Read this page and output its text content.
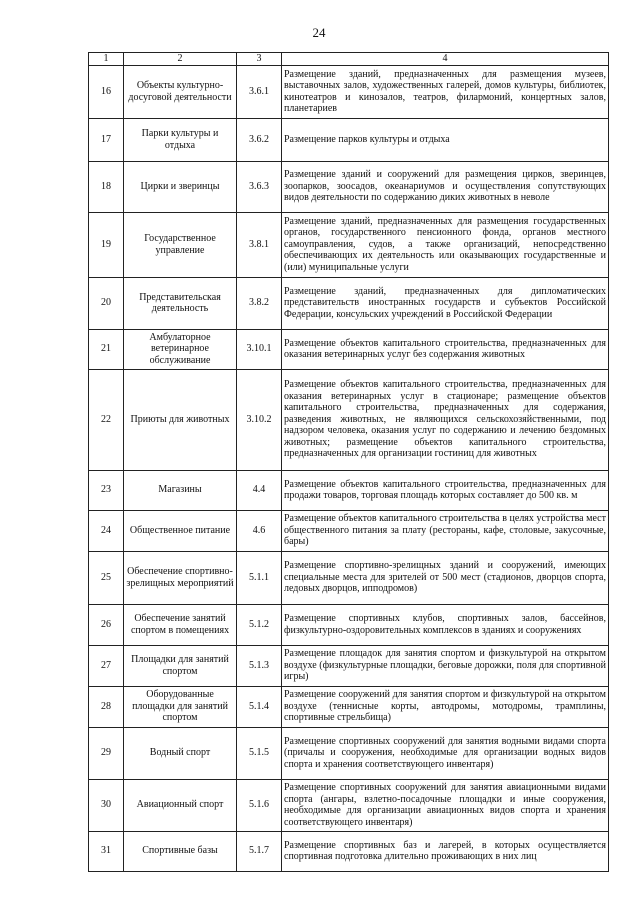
24
1	2	3	4
16	Объекты культурно-досуговой деятельности	3.6.1	Размещение зданий, предназначенных для размещения музеев, выставочных залов, художественных галерей, домов культуры, библиотек, кинотеатров и кинозалов, театров, филармоний, концертных залов, планетариев
17	Парки культуры и отдыха	3.6.2	Размещение парков культуры и отдыха
18	Цирки и зверинцы	3.6.3	Размещение зданий и сооружений для размещения цирков, зверинцев, зоопарков, зоосадов, океанариумов и осуществления сопутствующих видов деятельности по содержанию диких животных в неволе
19	Государственное управление	3.8.1	Размещение зданий, предназначенных для размещения государственных органов, государственного пенсионного фонда, органов местного самоуправления, судов, а также организаций, непосредственно обеспечивающих их деятельность или оказывающих государственные и (или) муниципальные услуги
20	Представительская деятельность	3.8.2	Размещение зданий, предназначенных для дипломатических представительств иностранных государств и субъектов Российской Федерации, консульских учреждений в Российской Федерации
21	Амбулаторное ветеринарное обслуживание	3.10.1	Размещение объектов капитального строительства, предназначенных для оказания ветеринарных услуг без содержания животных
22	Приюты для животных	3.10.2	Размещение объектов капитального строительства, предназначенных для оказания ветеринарных услуг в стационаре; размещение объектов капитального строительства, предназначенных для содержания, разведения животных, не являющихся сельскохозяйственными, под надзором человека, оказания услуг по содержанию и лечению бездомных животных; размещение объектов капитального строительства, предназначенных для организации гостиниц для животных
23	Магазины	4.4	Размещение объектов капитального строительства, предназначенных для продажи товаров, торговая площадь которых составляет до 500 кв. м
24	Общественное питание	4.6	Размещение объектов капитального строительства в целях устройства мест общественного питания за плату (рестораны, кафе, столовые, закусочные, бары)
25	Обеспечение спортивно-зрелищных мероприятий	5.1.1	Размещение спортивно-зрелищных зданий и сооружений, имеющих специальные места для зрителей от 500 мест (стадионов, дворцов спорта, ледовых дворцов, ипподромов)
26	Обеспечение занятий спортом в помещениях	5.1.2	Размещение спортивных клубов, спортивных залов, бассейнов, физкультурно-оздоровительных комплексов в зданиях и сооружениях
27	Площадки для занятий спортом	5.1.3	Размещение площадок для занятия спортом и физкультурой на открытом воздухе (физкультурные площадки, беговые дорожки, поля для спортивной игры)
28	Оборудованные площадки для занятий спортом	5.1.4	Размещение сооружений для занятия спортом и физкультурой на открытом воздухе (теннисные корты, автодромы, мотодромы, трамплины, спортивные стрельбища)
29	Водный спорт	5.1.5	Размещение спортивных сооружений для занятия водными видами спорта (причалы и сооружения, необходимые для организации водных видов спорта и хранения соответствующего инвентаря)
30	Авиационный спорт	5.1.6	Размещение спортивных сооружений для занятия авиационными видами спорта (ангары, взлетно-посадочные площадки и иные сооружения, необходимые для организации авиационных видов спорта и хранения соответствующего инвентаря)
31	Спортивные базы	5.1.7	Размещение спортивных баз и лагерей, в которых осуществляется спортивная подготовка длительно проживающих в них лиц
